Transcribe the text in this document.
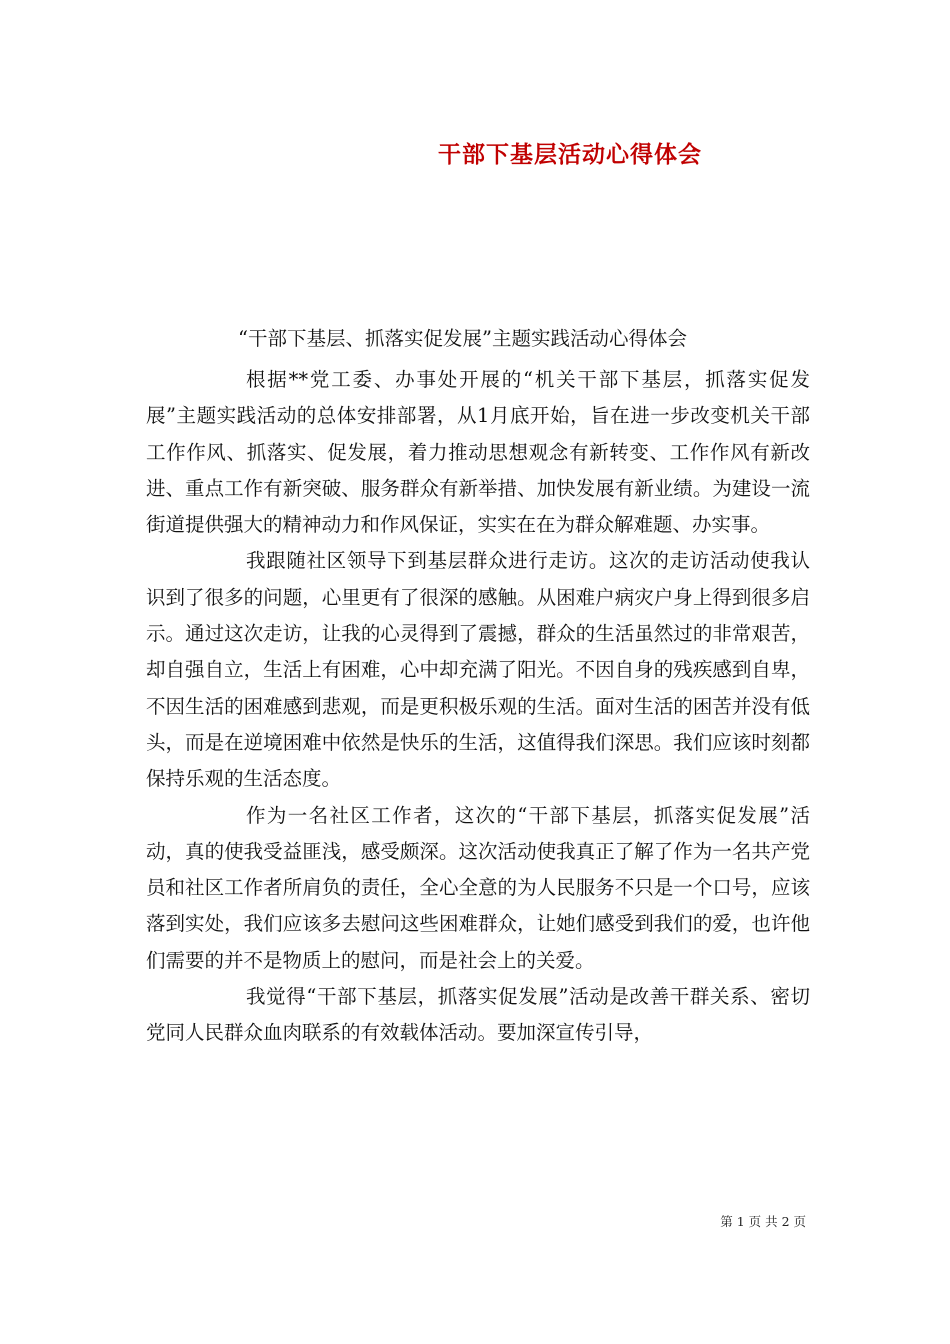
干部下基层活动心得体会
“干部下基层、抓落实促发展”主题实践活动心得体会

根据**党工委、办事处开展的“机关干部下基层，抓落实促发展”主题实践活动的总体安排部署，从1月底开始，旨在进一步改变机关干部工作作风、抓落实、促发展，着力推动思想观念有新转变、工作作风有新改进、重点工作有新突破、服务群众有新举措、加快发展有新业绩。为建设一流街道提供强大的精神动力和作风保证，实实在在为群众解难题、办实事。

我跟随社区领导下到基层群众进行走访。这次的走访活动使我认识到了很多的问题，心里更有了很深的感触。从困难户病灾户身上得到很多启示。通过这次走访，让我的心灵得到了震撼，群众的生活虽然过的非常艰苦，却自强自立，生活上有困难，心中却充满了阳光。不因自身的残疾感到自卑，不因生活的困难感到悲观，而是更积极乐观的生活。面对生活的困苦并没有低头，而是在逆境困难中依然是快乐的生活，这值得我们深思。我们应该时刻都保持乐观的生活态度。

作为一名社区工作者，这次的“干部下基层，抓落实促发展”活动，真的使我受益匪浅，感受颇深。这次活动使我真正了解了作为一名共产党员和社区工作者所肩负的责任，全心全意的为人民服务不只是一个口号，应该落到实处，我们应该多去慰问这些困难群众，让她们感受到我们的爱，也许他们需要的并不是物质上的慰问，而是社会上的关爱。

我觉得“干部下基层，抓落实促发展”活动是改善干群关系、密切党同人民群众血肉联系的有效载体活动。要加深宣传引导，

第 1 页 共 2 页
